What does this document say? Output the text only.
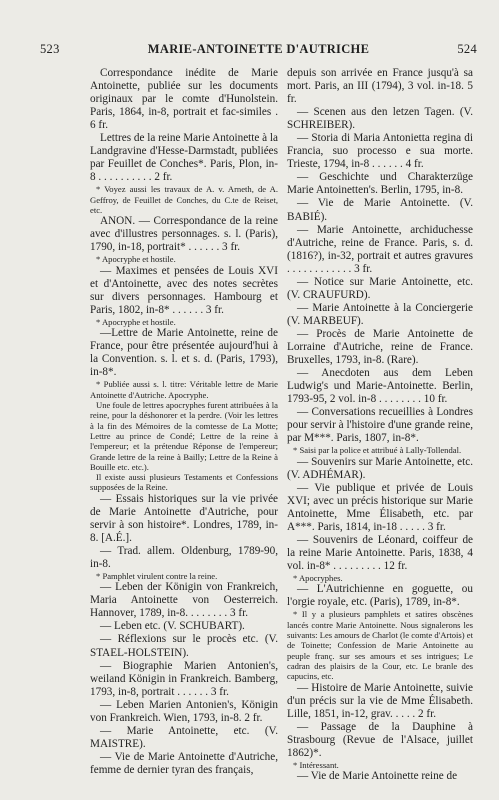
523	MARIE-ANTOINETTE D'AUTRICHE	524

Correspondance inédite de Marie Antoinette, publiée sur les documents originaux par le comte d'Hunolstein. Paris, 1864, in-8, portrait et fac-similes . 6 fr.

Lettres de la reine Marie Antoinette à la Landgravine d'Hesse-Darmstadt, publiées par Feuillet de Conches*. Paris, Plon, in-8 . . . . . . . . . . 2 fr.

* Voyez aussi les travaux de A. v. Arneth, de A. Geffroy, de Feuillet de Conches, du C.te de Reiset, etc.

ANON. — Correspondance de la reine avec d'illustres personnages. s. l. (Paris), 1790, in-18, portrait* . . . . . . 3 fr.

* Apocryphe et hostile.

— Maximes et pensées de Louis XVI et d'Antoinette, avec des notes secrètes sur divers personnages. Hambourg et Paris, 1802, in-8* . . . . . . 3 fr.

* Apocryphe et hostile.

—Lettre de Marie Antoinette, reine de France, pour être présentée aujourd'hui à la Convention. s. l. et s. d. (Paris, 1793), in-8*.

* Publiée aussi s. l. titre: Véritable lettre de Marie Antoinette d'Autriche. Apocryphe.

Une foule de lettres apocryphes furent attribuées à la reine, pour la déshonorer et la perdre. (Voir les lettres à la fin des Mémoires de la comtesse de La Motte; Lettre au prince de Condé; Lettre de la reine à l'empereur; et la prétendue Réponse de l'empereur; Grande lettre de la reine à Bailly; Lettre de la Reine à Bouille etc. etc.).

Il existe aussi plusieurs Testaments et Confessions supposées de la Reine.

— Essais historiques sur la vie privée de Marie Antoinette d'Autriche, pour servir à son histoire*. Londres, 1789, in-8. [A.É.].

— Trad. allem. Oldenburg, 1789-90, in-8.

* Pamphlet virulent contre la reine.

— Leben der Königin von Frankreich, Maria Antoinette von Oesterreich. Hannover, 1789, in-8. . . . . . . . 3 fr.

— Leben etc. (V. SCHUBART).

— Réflexions sur le procès etc. (V. STAEL-HOLSTEIN).

— Biographie Marien Antonien's, weiland Königin in Frankreich. Bamberg, 1793, in-8, portrait . . . . . . 3 fr.

— Leben Marien Antonien's, Königin von Frankreich. Wien, 1793, in-8. 2 fr.

— Marie Antoinette, etc. (V. MAISTRE).

— Vie de Marie Antoinette d'Autriche, femme de dernier tyran des français,

depuis son arrivée en France jusqu'à sa mort. Paris, an III (1794), 3 vol. in-18. 5 fr.

— Scenen aus den letzen Tagen. (V. SCHREIBER).

— Storia di Maria Antonietta regina di Francia, suo processo e sua morte. Trieste, 1794, in-8 . . . . . . 4 fr.

— Geschichte und Charakterzüge Marie Antoinetten's. Berlin, 1795, in-8.

— Vie de Marie Antoinette. (V. BABIÉ).

— Marie Antoinette, archiduchesse d'Autriche, reine de France. Paris, s. d. (1816?), in-32, portrait et autres gravures . . . . . . . . . . . . 3 fr.

— Notice sur Marie Antoinette, etc. (V. CRAUFURD).

— Marie Antoinette à la Conciergerie (V. MARBEUF).

— Procès de Marie Antoinette de Lorraine d'Autriche, reine de France. Bruxelles, 1793, in-8. (Rare).

— Anecdoten aus dem Leben Ludwig's und Marie-Antoinette. Berlin, 1793-95, 2 vol. in-8 . . . . . . . . 10 fr.

— Conversations recueillies à Londres pour servir à l'histoire d'une grande reine, par M***. Paris, 1807, in-8*.

* Saisi par la police et attribué à Lally-Tollendal.

— Souvenirs sur Marie Antoinette, etc. (V. ADHÉMAR).

— Vie publique et privée de Louis XVI; avec un précis historique sur Marie Antoinette, Mme Élisabeth, etc. par A***. Paris, 1814, in-18 . . . . . 3 fr.

— Souvenirs de Léonard, coiffeur de la reine Marie Antoinette. Paris, 1838, 4 vol. in-8* . . . . . . . . . 12 fr.

* Apocryphes.

— L'Autrichienne en goguette, ou l'orgie royale, etc. (Paris), 1789, in-8*.

* Il y a plusieurs pamphlets et satires obscènes lancés contre Marie Antoinette. Nous signalerons les suivants: Les amours de Charlot (le comte d'Artois) et de Toinette; Confession de Marie Antoinette au peuple franç. sur ses amours et ses intrigues; Le cadran des plaisirs de la Cour, etc. Le branle des capucins, etc.

— Histoire de Marie Antoinette, suivie d'un précis sur la vie de Mme Élisabeth. Lille, 1851, in-12, grav. . . . . 2 fr.

— Passage de la Dauphine à Strasbourg (Revue de l'Alsace, juillet 1862)*.

* Intéressant.

— Vie de Marie Antoinette reine de
